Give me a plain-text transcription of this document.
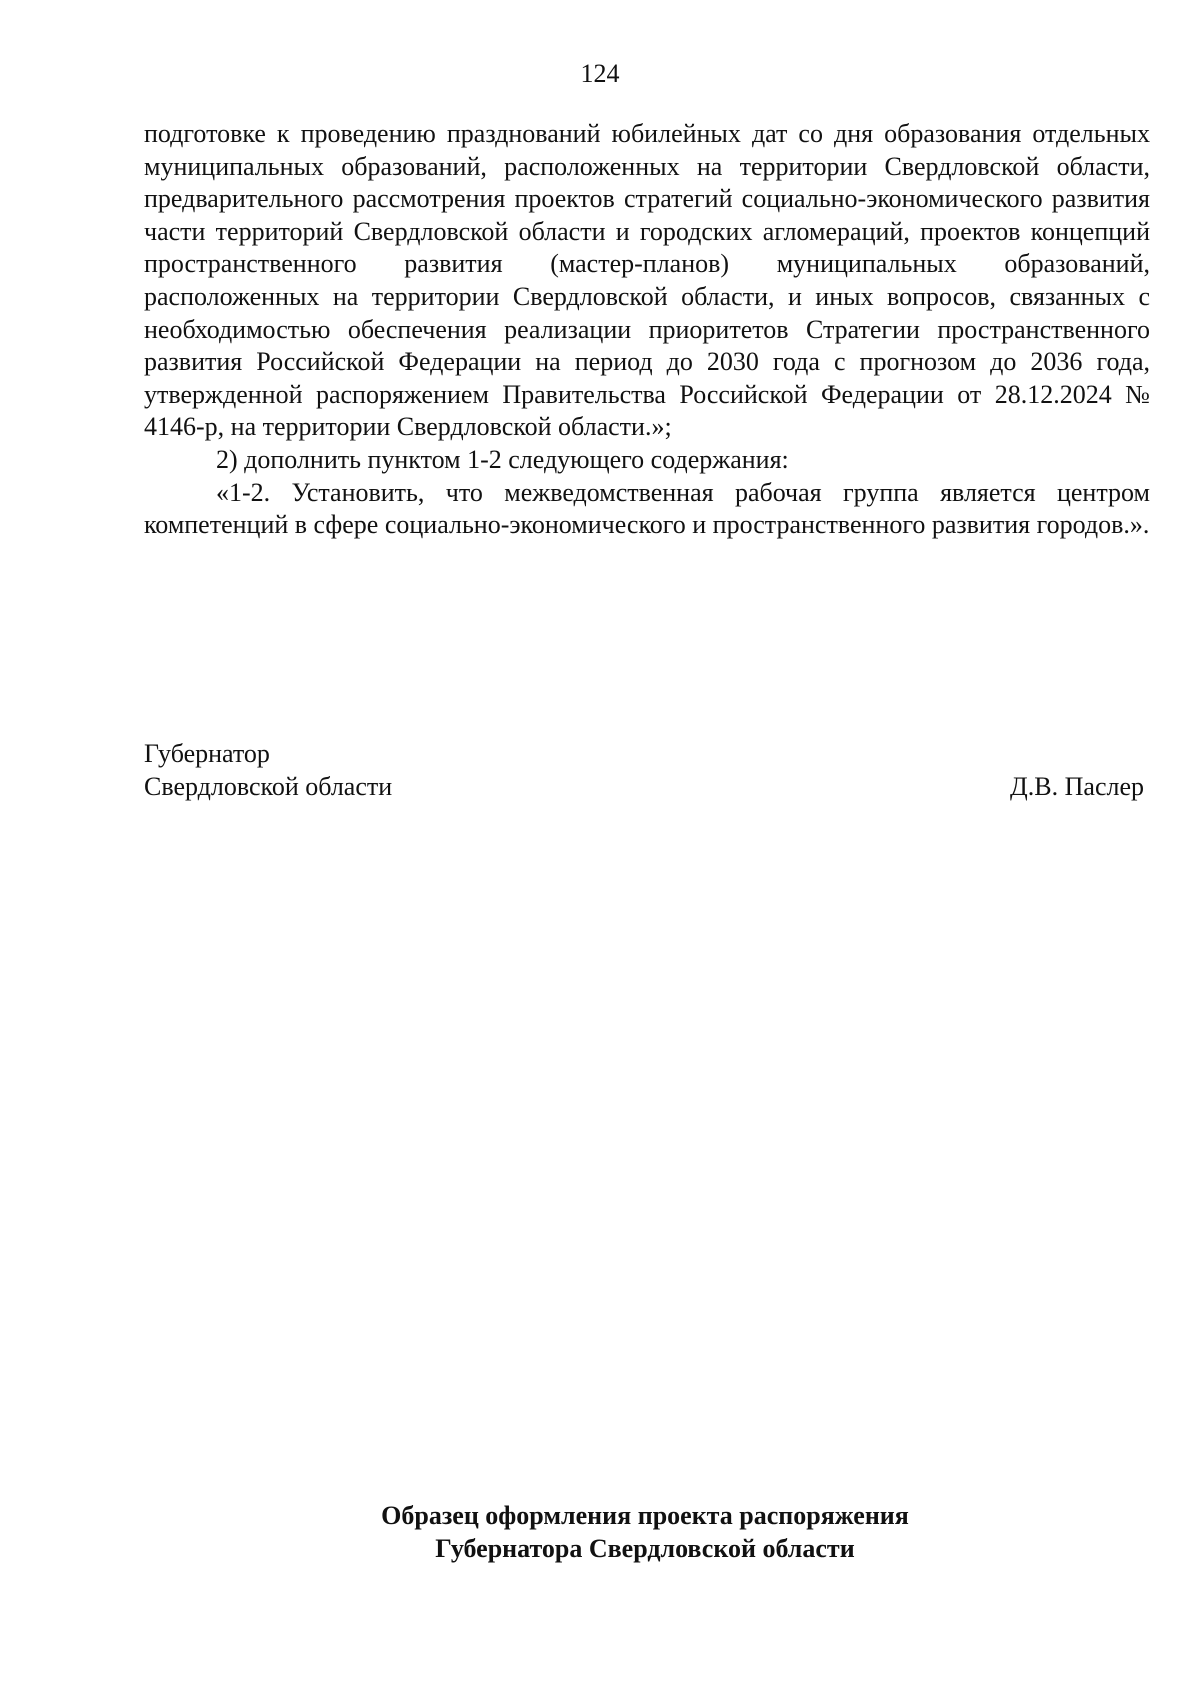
124

подготовке к проведению празднований юбилейных дат со дня образования отдельных муниципальных образований, расположенных на территории Свердловской области, предварительного рассмотрения проектов стратегий социально-экономического развития части территорий Свердловской области и городских агломераций, проектов концепций пространственного развития (мастер-планов) муниципальных образований, расположенных на территории Свердловской области, и иных вопросов, связанных с необходимостью обеспечения реализации приоритетов Стратегии пространственного развития Российской Федерации на период до 2030 года с прогнозом до 2036 года, утвержденной распоряжением Правительства Российской Федерации от 28.12.2024 № 4146-р, на территории Свердловской области.»;

2) дополнить пунктом 1-2 следующего содержания:

«1-2. Установить, что межведомственная рабочая группа является центром компетенций в сфере социально-экономического и пространственного развития городов.».

Губернатор
Свердловской области	Д.В. Паслер
Образец оформления проекта распоряжения
Губернатора Свердловской области
